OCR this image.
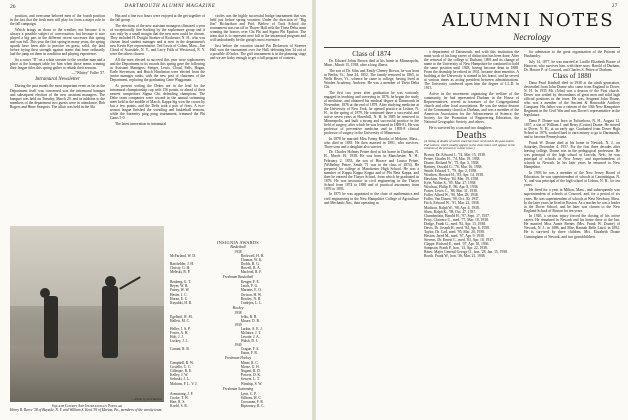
26	DARTMOUTH ALUMNI MAGAZINE

position, and overcame beloved men of the fourth position in the fact that the fresh men will play for from a major role in the fall campaign.

Which brings us down to the weather, not because it is always a possible subject of conversation, but because it sure played a big part in the different recent successes this spring and was full. This year the first spring in many years, the spring squads have been able to practice on grass; solid, dry land before trying their strength against teams that have ordinarily had the jump on them in condition and playing experience.

So a rosier "D" on a white sweater to the weather man and a place at the banquet table for him when those teams winning their league titles this spring gather to rehash their seasons.

—"Whitey" Fuller '37.
Intramural Newsletter

During the past month the most important event as far as the Department itself was concerned was the intramural banquet and subsequent election of the new assistant managers. The banquet was held on Tuesday, March 29, and in addition to the members of the department two guests were in attendance, Bob Rogers and Hime Seaspots. The affair was held in the Ski

Hut and a fine two hours were enjoyed at the get-together of the fall group.

The elections of the new assistant managers climaxed a year of exceptionally fine backing by the sophomore group and it was only by a small margin that the new men could be chosen. They included H. Dwight Stoeker of Rochester, N. H., who was chosen head student manager and is now in the department's new Kevin Kye representative. Ted Lewis of Cohen, Mass., Jim Cloud of Scarsdale, N. Y., and Larry Falls of Westwood, N. Y. were the others chosen.

All the men elected to succeed this year were sophomores and the Department in its awards this spring gave the following as Assistant Managers: Steiger, Lewis, Cloud, Falls, Hagan, Earle Stevenson, and Hutch Hinchman were elected from the junior manager ranks, with the new post of chairmen of the Department, replacing the graduating Gene Waggaman.

At present writing the Dekes are in the lead for the intramural championship cup with 156 points, or ahead of their nearest competitors Sigma Chi, defending champions. The Deke team companies were second in the annual swimming meet held in the middle of March, Kappa Sig won the crown by but a few points, and the Delts took a pair of firsts. A two-season league finished the wrestling and basketball seasons, while the fraternity ping pong tournament, trimmed the Phi Gams 5-0.

The latest innovation in intramural

circles was the highly successful bridge tournament that was held just before spring vacation. Under the direction of "Big Jim" Richardson and Prof. Barlow of Tuck School the tournament was run off in Thayer Hall with the Theta Delta team winning the honors over Chi Phi and Sigma Phi Epsilon. The team that is to represent next fall in the intramural program and will undoubtedly be the group's most extensive.

Just before the vacation started Pat Dickerson of Streeter Hall won the tournament over Joe Hall, defeating him 34 out of a possible 40 holes. The golf tournament is in the planning stage and we are lucky enough to get a full program of contests.

—Photo by Arch Ralston
Squash Courts Are Increasingly Popular
Henry R. Reeve '38 of Bayside, N. Y. and William S. Kent '39 of Merion, Pa., members of the varsity team.
INSIGNIA AWARDS
Basketball
1938
McFarland, W. D.	Rockwell, H. H.
Thomas, W. K.
Batchelder, J. H.	Dodds, R. G.
Christy, G. H.	Howell, R. A.
Meleski, B. P.	Macleod, R. F.
Freshman Basketball
Benberg, G. T.	Kenger, F. E.
Beyer, W. B.	Lasch, F. G.
Fairey, W. W.	Martens, E. O.
Hester, J. C.	Orrison, H. W.
Horan, E. C.	Rowley, N. R.
Kuyuhki, H. R.	Tradejen, L. L.
Hockey
1938
Egelhoff, R. M.	Jelks, R. B.
Hallett, M. C.	Moore, D. B.
1939
Heller, J. A. P.	Larkin, A. E. J.
Foster, A. H.	McIntire, J. T.
Holt, J. J.	Lesotte, J. A.
Luckey, J. L.	Walsh, D. J.
1940
Conant, R. B.	Crague, F. S.
Eaton, F. B.
Freshman Hockey
Campbell, R. W.	Miner, R. C.
Costello, C. C.	Morse, G. H.
Gillespie, R. E.	Nugent, R. D.
Kelley, J. W.	Powers, D. K.
Soboski, J. L.	Sowers, L. T.
Malcom, F. L. V. J.	Winship, S. W.
Freshman Swimming
Armstrong, J. F.	Lyon, C. P.
Cooke, T. W.	Sillivan, W. C.
Hart, R. S.	Crossman, F. R.
Koehl, S. R.	Ripsonary, R. C.
27
ALUMNI NOTES
Necrology
Class of 1874

Dr. Edward Johns Brown died at his home in Minneapolis, Minn., March 15, 1938, after a long illness.

The son of Dr. Silas and Emily Cheney Brown, he was born in Berlin, Vt., June 24, 1852. The family removed in 1865, to Wells River, Vt., whence he came to college, having lived at Warden Academy, Andover. He was a member of Theta Delta Chi.

The first two years after graduation he was variously engaged in teaching and surveying in 1876, he began the study of medicine, and obtained his medical degree at Dartmouth in November, 1876 at the end of 1879. After studying medicine at the University of New York, he opened practice at Lisbon, N. H., in the spring of 1879. He continued there a successful and active seven years at Haverhill, N. H. In 1885 he removed to Minneapolis, and built a strong and successful practice in the field of surgery, after which he was lectured in 1889-91. He was professor of preventive medicine and in 1895-8 clinical professor of surgery in the University of Minnesota.

In 1878 he married Miss Fanny Brooks of Melrose, Mass., who died in 1881. He then married in 1891, who survives. Three sons and a daughter also survive.

Dr. Charles Holmes Pettee died at his home in Durham, N. H., March 19, 1938. He was born in Manchester, N. H., February 2, 1853, the son of Horace and Louisa Pettee. (Wilhelmy Pettee, Smith '71 was in the class of 1874). He prepared for college at Manchester High School. He was a member of Kappa Kappa Kappa and of Phi Beta Kappa, and then he entered the Thayer School, from which he graduated in 1876. He was instructor in civil engineering in the Thayer School from 1874 to 1880 and of practical astronomy from 1876 to 1893.

In 1875 he was appointed to the chair of mathematics and civil engineering in the New Hampshire College of Agriculture and Mechanic Arts, then operating as

a department of Dartmouth, and with this institution the main work of his long career of distinction has been done. After the removal of the college to Durham, 1893 and its change of name to the University of New Hampshire he continued to hold the same position until 1928, having become dean in 1888. From the deanship he retired in 1931, became dean emeritus. A building at the University is named in his honor, and he served at various times as acting president between administrations. The University conferred upon him the degree of LL.D. in 1913.

Active in the movement organizing the welfare of the community, he had represented Durham in the House of Representatives, served as treasurer of the Congregational church and other local associations. He was the senior deacon of the Community church at Durham, and was a member of the American Association for the Advancement of Science, the Society for the Promotion of Engineering Education, the National Geographic Society, and others.

He is survived by a son and two daughters.

Deaths
[A listing of deaths of which word has been received in the past month. Full notices, which usually appear in the class notes, will appear in the columns of the present or a later issue.]
Brown, Dr. Edward J., '74, Mar. 15, 1938.
Pettee, Charles H., '74, Mar. 19, 1938.
Doane, Richard W., '75, Apr. 5, 1938.
Ranney, Oswald G., '76, Mar. 16, 1938.
Smith, Edward T., '79, Apr. 2, 1938.
Worthen, Howard H., '83, Apr. 14, 1938.
Hawkins, Wesley, '84, Mar. 19, 1938.
Kyle, Walter S., '85, Mar. 27, 1938.
Woolson, Philip P., '86, Apr. 8, 1938.
Foster, Lewis C., '88, Mar. 31, 1938.
Fuller, Alfred W., '90, Mar. 28, 1938.
Fuller, Van Dusen, '90, Oct. 30, 1937.
Fitch, Edward W., '91, Mar. 22, 1938.
Madison, Ralph W., '98, Apr. 4, 1938.
Shaw, Ralph K., '98, Oct. 27, 1937.
Chamberlain, Harold H., '97, Sept. 17, 1937.
Perry, Clarence C., med. '77, Mar. 18, 1938.
Dodge, Frank G., med. '82, Apr. 13, 1938.
Davis, Dr. Joseph H., med. '84, Apr. 6, 1938.
Taylor, Dr. Carl, med. '95, Mar. 20, 1938.
Heston, Jared M., med. '97, Apr. 9, 1938.
Stevens, Dr. Ernest C., med. '03, Apr. 10, 1937.
Clappe, Richard E., med. '07, Apr. 10, 1936.
Sampson, Frank P., hon. '13, Apr. 22, 1938.
Ritter, Major General George O., hon. '28, Jan. 15, 1938.
Booth, Frank W., hon. '36, Mar. 21, 1938.

for admission to the great organization of the Patrons of Husbandry.

July 14, 1877, he was married at Lucille Elizabeth Boone of Hanover, who survives him, with three sons: Harold of Durham, Dr. Horace P. of Concord, and Charles S. Pettee of Durham.

Class of 1880

Dana Pearl Kimball died in 1938 at the ninth generation, descended from John Doane who came from England to Dover, N. H. In 1935 Mr. (John) was a deacon of the First church. Dover was settled by descendants of great men and solid high official positions in the town. He was, Sergeant John Doane, who was a member of the Ancient & Honorable Artillery Company. His father was a veteran of the 10th New Hampshire Regiment in the Civil War and was Dover's representative in the legislature.

Dana P. Doane was born in Tuftonboro, N. H., August 12, 1857, a son of William J. and Betsy (Cotton) Doane. He moved to Dover, N. H., at an early age. Graduated from Dover High School in 1876, worked hard to earn money to go to Dartmouth, and to become Pennsylvania.

Frank W. Doane died at his home in Newark, N. J., on Saturday, December 4, 1937. For the first three decades after leaving college, Doane was in the pedagogical profession. He was principal of the high school at Lincoln, Neb.; he was principal of schools in New Jersey; and superintendent of schools in Newark. In his later years he returned to New Hampshire.

In 1903 he was a member of the New Jersey Board of Education, he was superintendent of schools at Canandaigua, N. Y., and was principal of the high school at Lisbon, N. H., for ten years.

He lived for a year in Milton, Mass., and subsequently was superintendent of schools at Concord, and, for a period of six years. He was superintendent of schools at West Newbury, Mass. In the later years he lived in Boston. As a teacher he was a leader in the Dover School, and he later was chosen to the New England School of Boston for ten years.

In 1920, a serious injury forced the closing of his active career. He remained in Newark and his home there to the last. He married Miss Annie Bernes (Mrs. Frank W. Doane) of Newark, N. J., in 1886, and Miss Hannah Belle Laird, in 1892. He is survived by three children, Mrs. Elizabeth Doane Cunningham of Newark, and two grandchildren.
